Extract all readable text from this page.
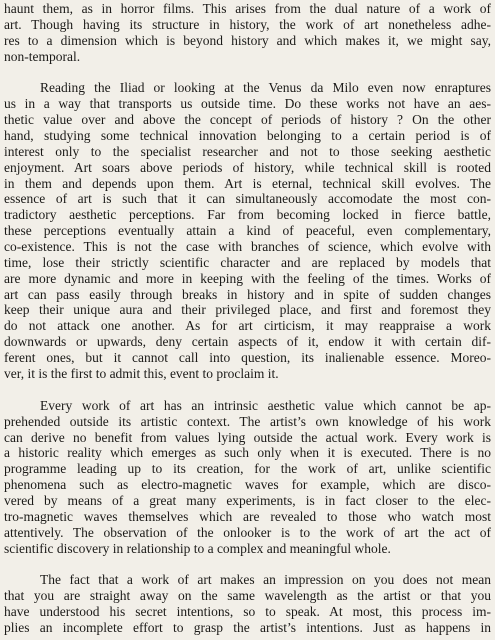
haunt them, as in horror films. This arises from the dual nature of a work of
art. Though having its structure in history, the work of art nonetheless adhe-
res to a dimension which is beyond history and which makes it, we might say,
non-temporal.
Reading the Iliad or looking at the Venus da Milo even now enraptures
us in a way that transports us outside time. Do these works not have an aes-
thetic value over and above the concept of periods of history ? On the other
hand, studying some technical innovation belonging to a certain period is of
interest only to the specialist researcher and not to those seeking aesthetic
enjoyment. Art soars above periods of history, while technical skill is rooted
in them and depends upon them. Art is eternal, technical skill evolves. The
essence of art is such that it can simultaneously accomodate the most con-
tradictory aesthetic perceptions. Far from becoming locked in fierce battle,
these perceptions eventually attain a kind of peaceful, even complementary,
co-existence. This is not the case with branches of science, which evolve with
time, lose their strictly scientific character and are replaced by models that
are more dynamic and more in keeping with the feeling of the times. Works of
art can pass easily through breaks in history and in spite of sudden changes
keep their unique aura and their privileged place, and first and foremost they
do not attack one another. As for art cirticism, it may reappraise a work
downwards or upwards, deny certain aspects of it, endow it with certain dif-
ferent ones, but it cannot call into question, its inalienable essence. Moreo-
ver, it is the first to admit this, event to proclaim it.
Every work of art has an intrinsic aesthetic value which cannot be ap-
prehended outside its artistic context. The artist’s own knowledge of his work
can derive no benefit from values lying outside the actual work. Every work is
a historic reality which emerges as such only when it is executed. There is no
programme leading up to its creation, for the work of art, unlike scientific
phenomena such as electro-magnetic waves for example, which are disco-
vered by means of a great many experiments, is in fact closer to the elec-
tro-magnetic waves themselves which are revealed to those who watch most
attentively. The observation of the onlooker is to the work of art the act of
scientific discovery in relationship to a complex and meaningful whole.
The fact that a work of art makes an impression on you does not mean
that you are straight away on the same wavelength as the artist or that you
have understood his secret intentions, so to speak. At most, this process im-
plies an incomplete effort to grasp the artist’s intentions. Just as happens in
